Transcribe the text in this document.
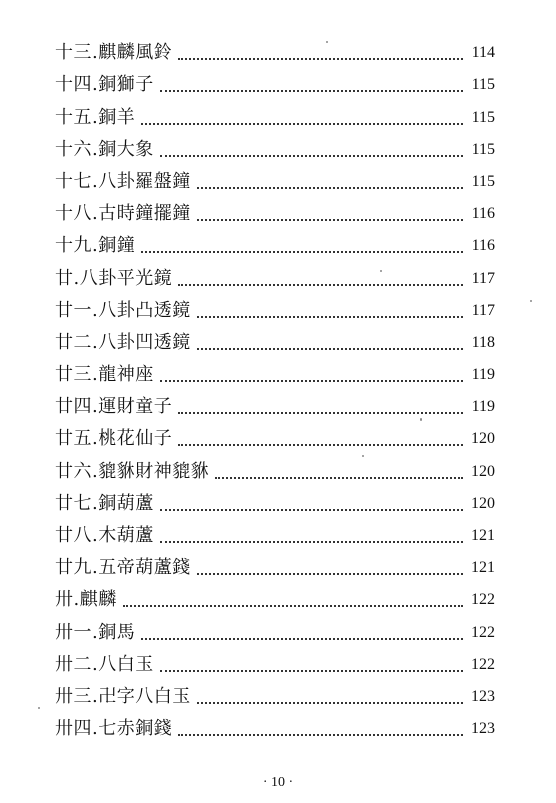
十三.麒麟風鈴	114
十四.銅獅子	115
十五.銅羊	115
十六.銅大象	115
十七.八卦羅盤鐘	115
十八.古時鐘擺鐘	116
十九.銅鐘	116
廿.八卦平光鏡	117
廿一.八卦凸透鏡	117
廿二.八卦凹透鏡	118
廿三.龍神座	119
廿四.運財童子	119
廿五.桃花仙子	120
廿六.貔貅財神貔貅	120
廿七.銅葫蘆	120
廿八.木葫蘆	121
廿九.五帝葫蘆錢	121
卅.麒麟	122
卅一.銅馬	122
卅二.八白玉	122
卅三.卍字八白玉	123
卅四.七赤銅錢	123
· 10 ·
